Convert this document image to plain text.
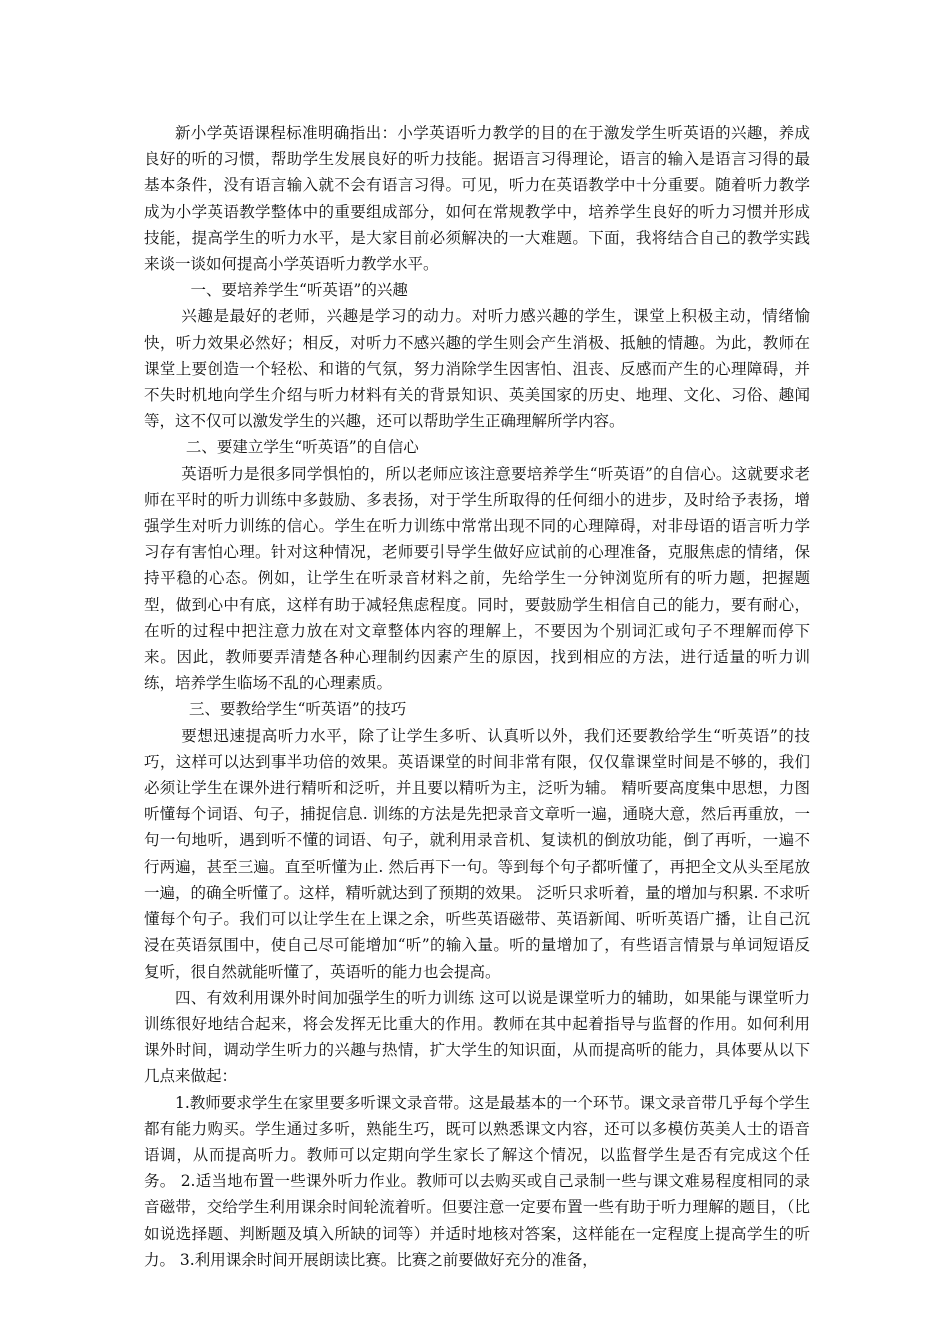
新小学英语课程标准明确指出：小学英语听力教学的目的在于激发学生听英语的兴趣，养成良好的听的习惯，帮助学生发展良好的听力技能。据语言习得理论，语言的输入是语言习得的最基本条件，没有语言输入就不会有语言习得。可见，听力在英语教学中十分重要。随着听力教学成为小学英语教学整体中的重要组成部分，如何在常规教学中，培养学生良好的听力习惯并形成技能，提高学生的听力水平，是大家目前必须解决的一大难题。下面，我将结合自己的教学实践来谈一谈如何提高小学英语听力教学水平。

一、要培养学生“听英语”的兴趣

兴趣是最好的老师，兴趣是学习的动力。对听力感兴趣的学生，课堂上积极主动，情绪愉快，听力效果必然好；相反，对听力不感兴趣的学生则会产生消极、抵触的情趣。为此，教师在课堂上要创造一个轻松、和谐的气氛，努力消除学生因害怕、沮丧、反感而产生的心理障碍，并不失时机地向学生介绍与听力材料有关的背景知识、英美国家的历史、地理、文化、习俗、趣闻等，这不仅可以激发学生的兴趣，还可以帮助学生正确理解所学内容。

二、要建立学生“听英语”的自信心

英语听力是很多同学惧怕的，所以老师应该注意要培养学生“听英语”的自信心。这就要求老师在平时的听力训练中多鼓励、多表扬，对于学生所取得的任何细小的进步，及时给予表扬，增强学生对听力训练的信心。学生在听力训练中常常出现不同的心理障碍，对非母语的语言听力学习存有害怕心理。针对这种情况，老师要引导学生做好应试前的心理准备，克服焦虑的情绪，保持平稳的心态。例如，让学生在听录音材料之前，先给学生一分钟浏览所有的听力题，把握题型，做到心中有底，这样有助于减轻焦虑程度。同时，要鼓励学生相信自己的能力，要有耐心，在听的过程中把注意力放在对文章整体内容的理解上，不要因为个别词汇或句子不理解而停下来。因此，教师要弄清楚各种心理制约因素产生的原因，找到相应的方法，进行适量的听力训练，培养学生临场不乱的心理素质。

三、要教给学生“听英语”的技巧

要想迅速提高听力水平，除了让学生多听、认真听以外，我们还要教给学生“听英语”的技巧，这样可以达到事半功倍的效果。英语课堂的时间非常有限，仅仅靠课堂时间是不够的，我们必须让学生在课外进行精听和泛听，并且要以精听为主，泛听为辅。 精听要高度集中思想，力图听懂每个词语、句子，捕捉信息. 训练的方法是先把录音文章听一遍，通晓大意，然后再重放，一句一句地听，遇到听不懂的词语、句子，就利用录音机、复读机的倒放功能，倒了再听，一遍不行两遍，甚至三遍。直至听懂为止. 然后再下一句。等到每个句子都听懂了，再把全文从头至尾放一遍，的确全听懂了。这样，精听就达到了预期的效果。 泛听只求听着，量的增加与积累. 不求听懂每个句子。我们可以让学生在上课之余，听些英语磁带、英语新闻、听听英语广播，让自己沉浸在英语氛围中，使自己尽可能增加“听”的输入量。听的量增加了，有些语言情景与单词短语反复听，很自然就能听懂了，英语听的能力也会提高。

四、有效利用课外时间加强学生的听力训练 这可以说是课堂听力的辅助，如果能与课堂听力训练很好地结合起来，将会发挥无比重大的作用。教师在其中起着指导与监督的作用。如何利用课外时间，调动学生听力的兴趣与热情，扩大学生的知识面，从而提高听的能力，具体要从以下几点来做起：

1.教师要求学生在家里要多听课文录音带。这是最基本的一个环节。课文录音带几乎每个学生都有能力购买。学生通过多听，熟能生巧，既可以熟悉课文内容，还可以多模仿英美人士的语音语调，从而提高听力。教师可以定期向学生家长了解这个情况，以监督学生是否有完成这个任务。 2.适当地布置一些课外听力作业。教师可以去购买或自己录制一些与课文难易程度相同的录音磁带，交给学生利用课余时间轮流着听。但要注意一定要布置一些有助于听力理解的题目，（比如说选择题、判断题及填入所缺的词等）并适时地核对答案，这样能在一定程度上提高学生的听力。 3.利用课余时间开展朗读比赛。比赛之前要做好充分的准备，
